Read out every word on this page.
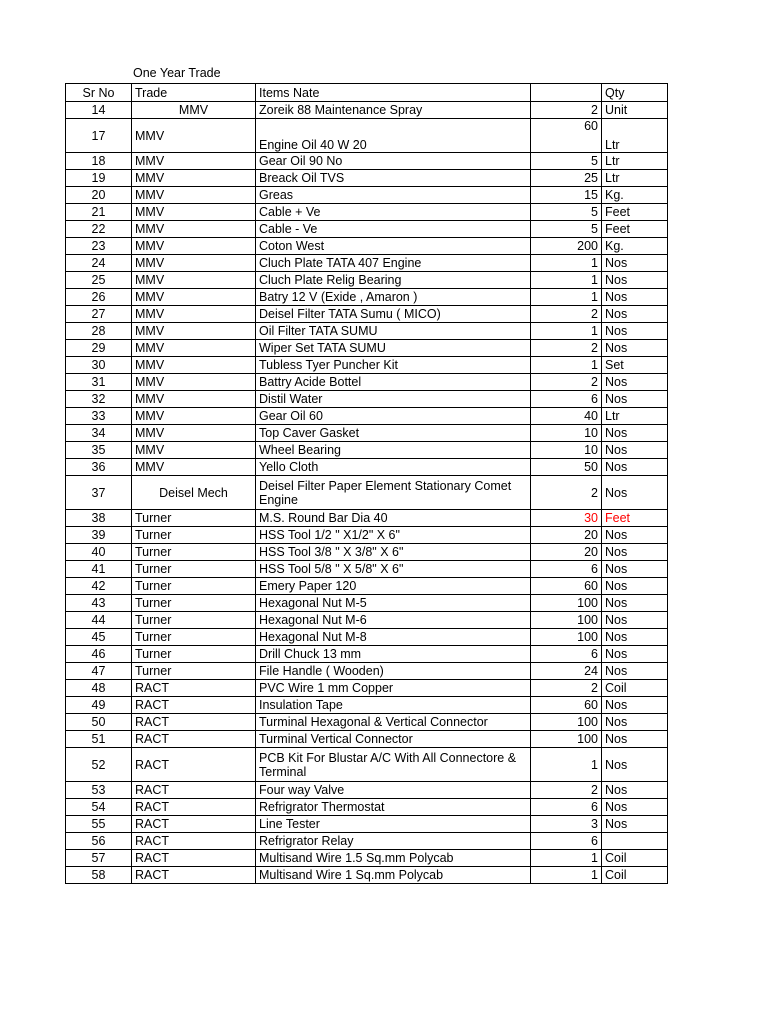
One Year Trade
Sr No	Trade	Items Nate		Qty
14	MMV	Zoreik 88 Maintenance Spray	2	Unit
17	MMV	Engine Oil 40 W 20	60	Ltr
18	MMV	Gear Oil 90 No	5	Ltr
19	MMV	Breack Oil TVS	25	Ltr
20	MMV	Greas	15	Kg.
21	MMV	Cable + Ve	5	Feet
22	MMV	Cable - Ve	5	Feet
23	MMV	Coton West	200	Kg.
24	MMV	Cluch Plate TATA 407 Engine	1	Nos
25	MMV	Cluch Plate Relig Bearing	1	Nos
26	MMV	Batry 12 V (Exide , Amaron )	1	Nos
27	MMV	Deisel Filter TATA Sumu ( MICO)	2	Nos
28	MMV	Oil Filter TATA SUMU	1	Nos
29	MMV	Wiper Set TATA SUMU	2	Nos
30	MMV	Tubless Tyer Puncher Kit	1	Set
31	MMV	Battry Acide Bottel	2	Nos
32	MMV	Distil Water	6	Nos
33	MMV	Gear Oil 60	40	Ltr
34	MMV	Top Caver Gasket	10	Nos
35	MMV	Wheel Bearing	10	Nos
36	MMV	Yello Cloth	50	Nos
37	Deisel Mech	Deisel Filter Paper Element Stationary Comet Engine	2	Nos
38	Turner	M.S. Round Bar Dia 40	30	Feet
39	Turner	HSS Tool 1/2 " X1/2" X 6"	20	Nos
40	Turner	HSS Tool 3/8 " X 3/8" X 6"	20	Nos
41	Turner	HSS Tool 5/8 " X 5/8" X 6"	6	Nos
42	Turner	Emery Paper 120	60	Nos
43	Turner	Hexagonal Nut M-5	100	Nos
44	Turner	Hexagonal Nut M-6	100	Nos
45	Turner	Hexagonal Nut M-8	100	Nos
46	Turner	Drill Chuck 13 mm	6	Nos
47	Turner	File Handle ( Wooden)	24	Nos
48	RACT	PVC Wire 1 mm Copper	2	Coil
49	RACT	Insulation Tape	60	Nos
50	RACT	Turminal Hexagonal & Vertical Connector	100	Nos
51	RACT	Turminal Vertical Connector	100	Nos
52	RACT	PCB Kit For Blustar A/C With All Connectore & Terminal	1	Nos
53	RACT	Four way Valve	2	Nos
54	RACT	Refrigrator Thermostat	6	Nos
55	RACT	Line Tester	3	Nos
56	RACT	Refrigrator Relay	6	
57	RACT	Multisand Wire 1.5 Sq.mm Polycab	1	Coil
58	RACT	Multisand Wire 1 Sq.mm Polycab	1	Coil
